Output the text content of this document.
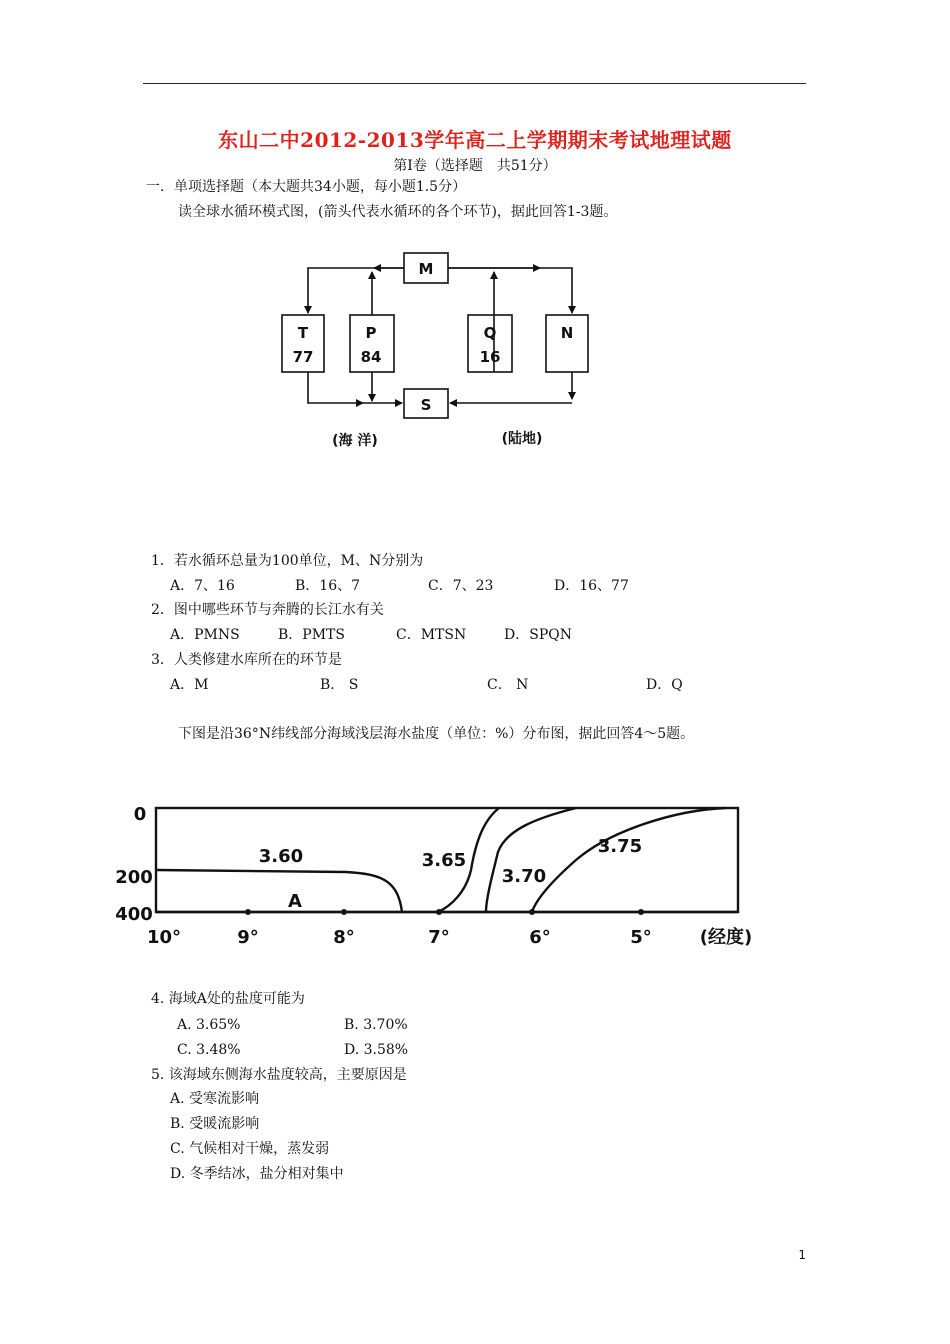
东山二中2012-2013学年高二上学期期末考试地理试题
第Ⅰ卷（选择题　共51分）
一．单项选择题（本大题共34小题，每小题1.5分）
读全球水循环模式图，(箭头代表水循环的各个环节)，据此回答1-3题。
M
T
77
P
84
Q
16
N
S
(海 洋)	(陆地)
1．若水循环总量为100单位，M、N分别为
A．7、16	B．16、7	C．7、23	D．16、77
2．图中哪些环节与奔腾的长江水有关
A．PMNS	B．PMTS	C．MTSN	D．SPQN
3．人类修建水库所在的环节是
A．M	B． S	C． N	D．Q
下图是沿36°N纬线部分海域浅层海水盐度（单位：%）分布图，据此回答4～5题。
0
200
400
10°	9°	8°	7°	6°	5°	(经度)
3.60	3.65
3.70
3.75
A
4. 海域A处的盐度可能为
A. 3.65%	B. 3.70%
C. 3.48%	D. 3.58%
5. 该海域东侧海水盐度较高，主要原因是
A. 受寒流影响
B. 受暖流影响
C. 气候相对干燥，蒸发弱
D. 冬季结冰，盐分相对集中
1
